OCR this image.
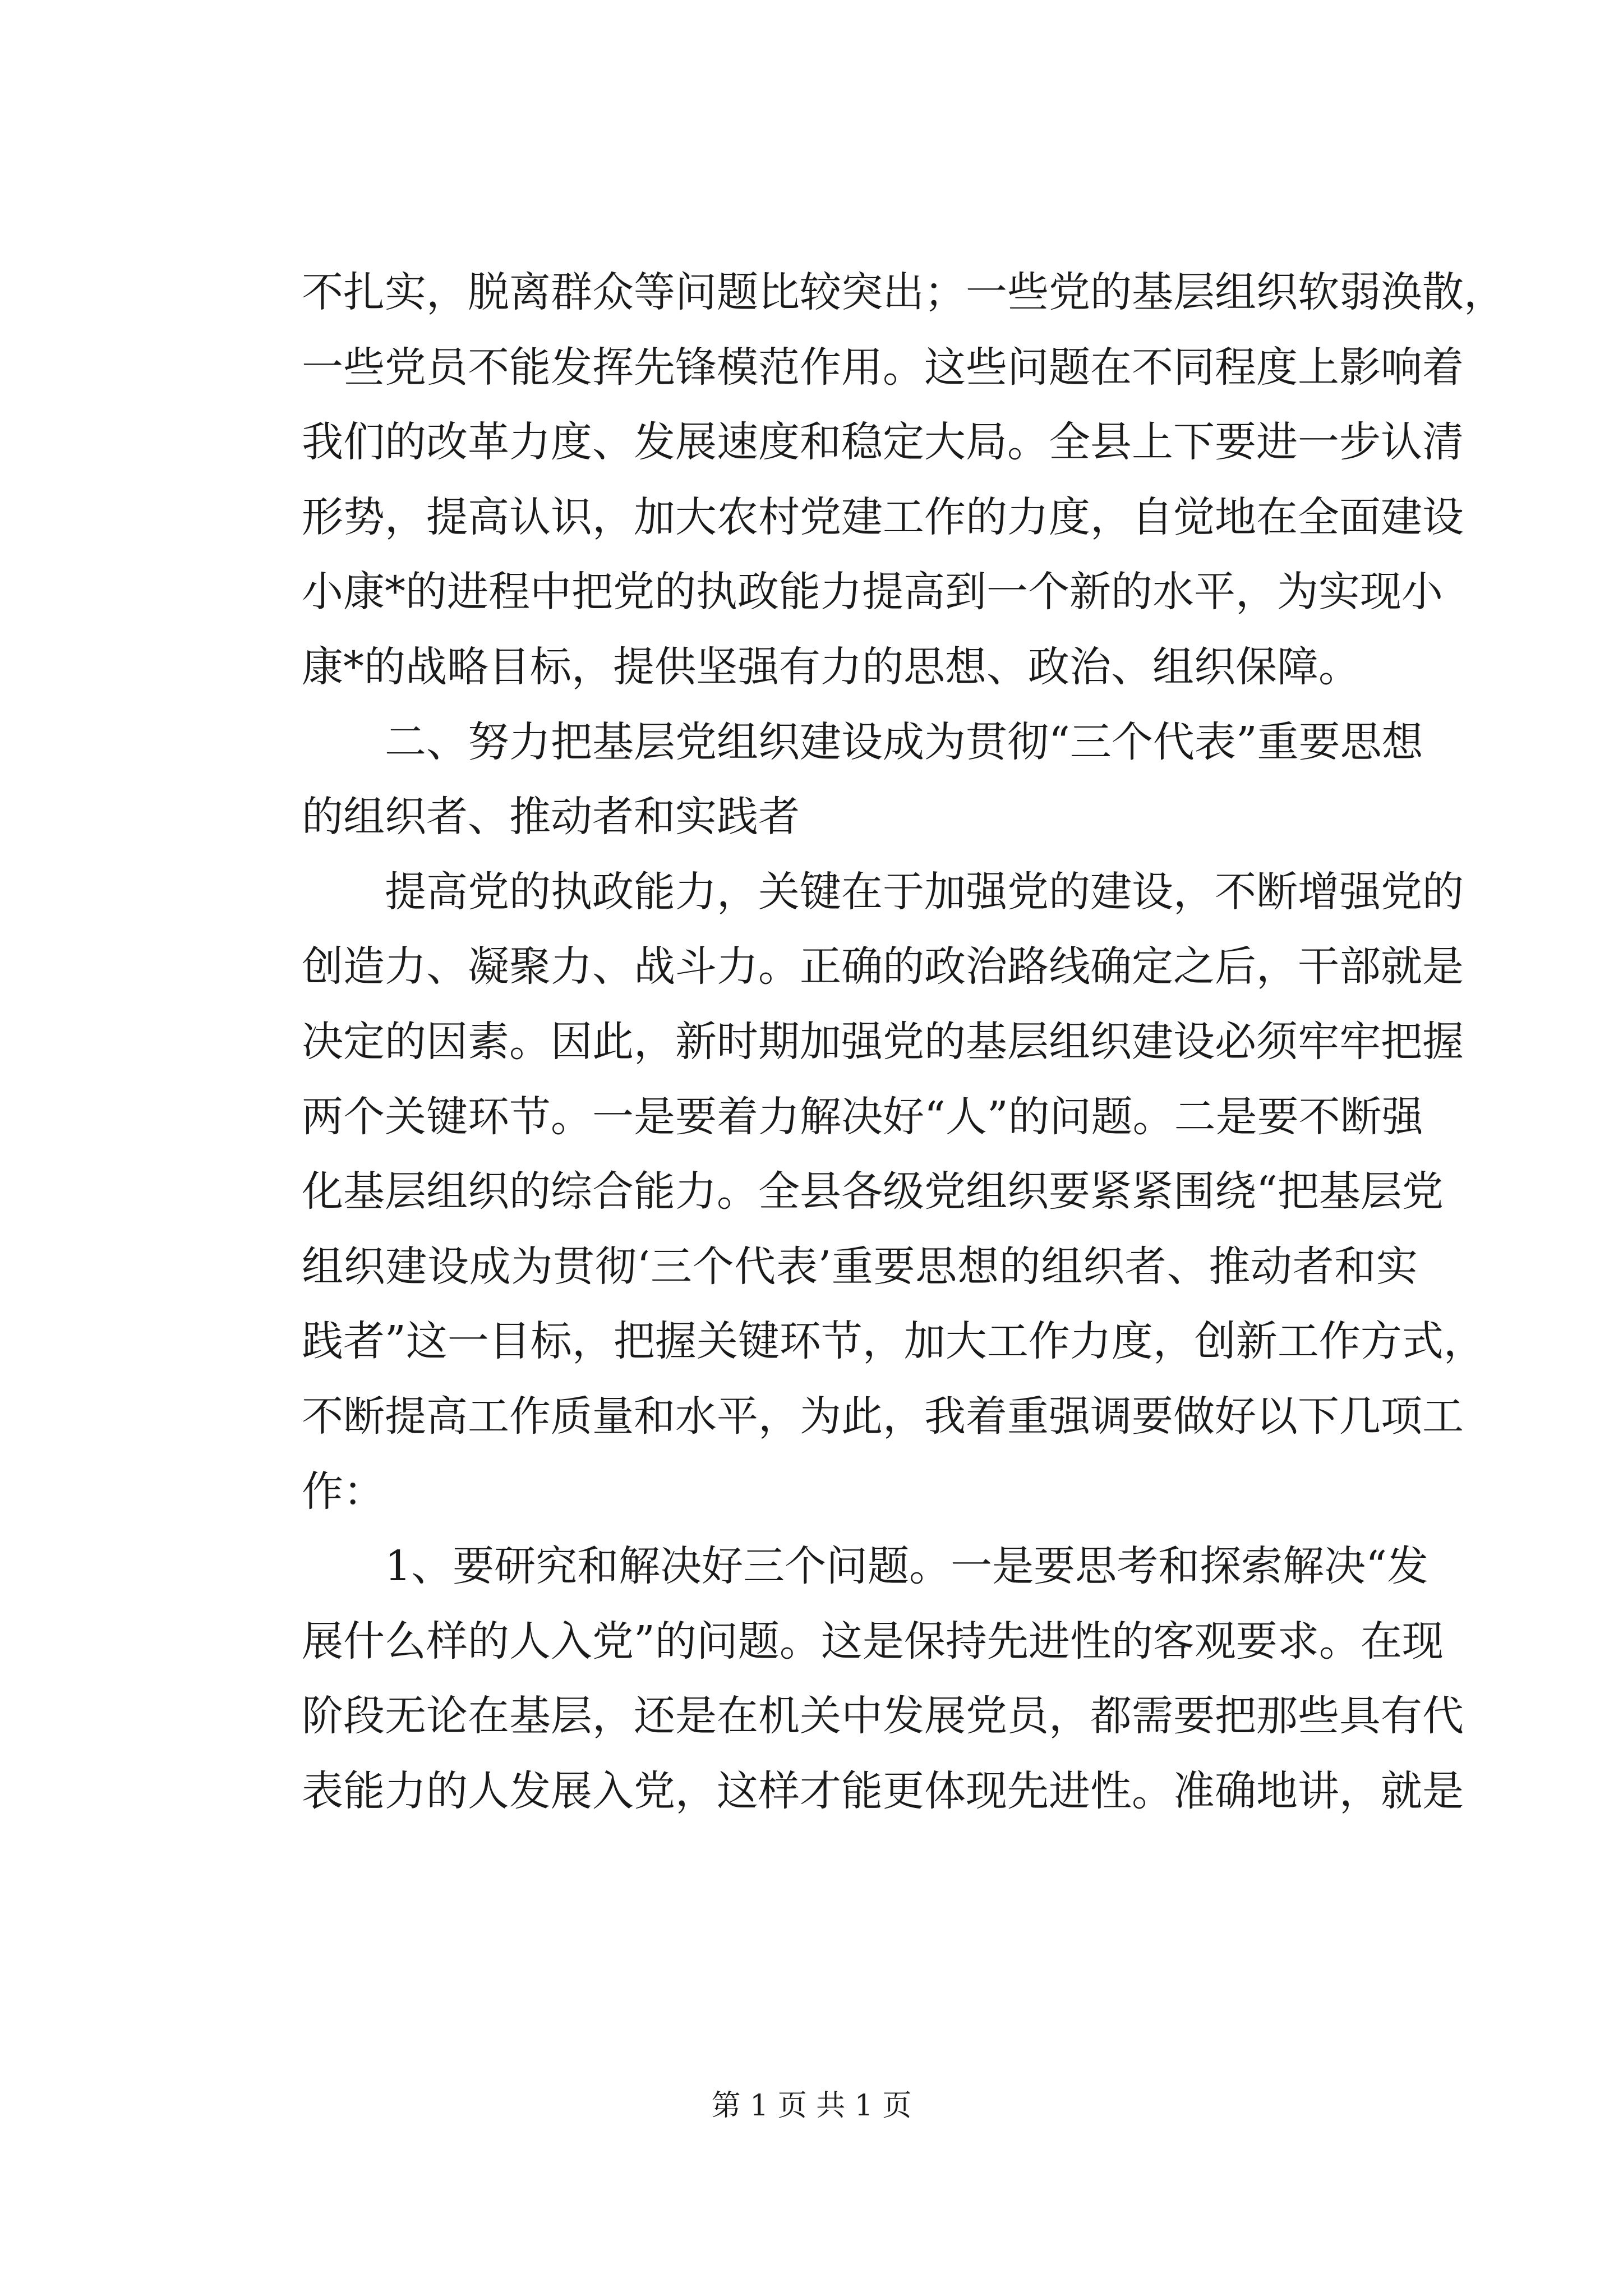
不扎实，脱离群众等问题比较突出；一些党的基层组织软弱涣散，
一些党员不能发挥先锋模范作用。这些问题在不同程度上影响着
我们的改革力度、发展速度和稳定大局。全县上下要进一步认清
形势，提高认识，加大农村党建工作的力度，自觉地在全面建设
小康*的进程中把党的执政能力提高到一个新的水平，为实现小
康*的战略目标，提供坚强有力的思想、政治、组织保障。
二、努力把基层党组织建设成为贯彻“三个代表”重要思想
的组织者、推动者和实践者
提高党的执政能力，关键在于加强党的建设，不断增强党的
创造力、凝聚力、战斗力。正确的政治路线确定之后，干部就是
决定的因素。因此，新时期加强党的基层组织建设必须牢牢把握
两个关键环节。一是要着力解决好“人”的问题。二是要不断强
化基层组织的综合能力。全县各级党组织要紧紧围绕“把基层党
组织建设成为贯彻‘三个代表’重要思想的组织者、推动者和实
践者”这一目标，把握关键环节，加大工作力度，创新工作方式，
不断提高工作质量和水平，为此，我着重强调要做好以下几项工
作：
1、要研究和解决好三个问题。一是要思考和探索解决“发
展什么样的人入党”的问题。这是保持先进性的客观要求。在现
阶段无论在基层，还是在机关中发展党员，都需要把那些具有代
表能力的人发展入党，这样才能更体现先进性。准确地讲，就是
第 1 页 共 1 页
